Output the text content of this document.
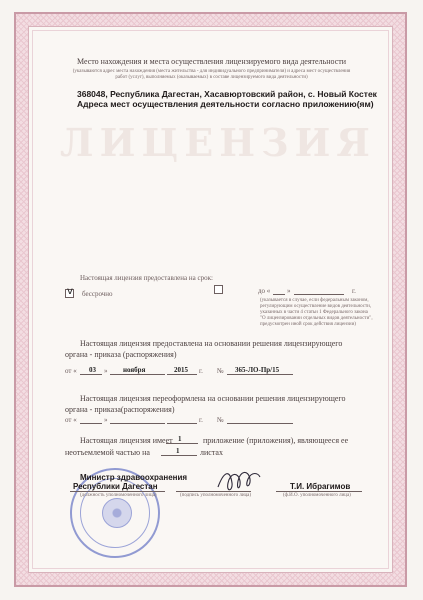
ЛИЦЕНЗИЯ
Место нахождения и места осуществления лицензируемого вида деятельности
(указываются адрес места нахождения (места жительства - для индивидуального предпринимателя) и адреса мест осуществления
работ (услуг), выполняемых (оказываемых) в составе лицензируемого вида деятельности)
368048, Республика Дагестан, Хасавюртовский район, с. Новый Костек
Адреса мест осуществления деятельности согласно приложению(ям)
Настоящая лицензия предоставлена на срок:
v бессрочно	до « »	г.
(указывается в случае, если федеральным законом,
регулирующим осуществление видов деятельности,
указанных в части 4 статьи 1 Федерального закона
"О лицензировании отдельных видов деятельности",
предусмотрен иной срок действия лицензии)
Настоящая лицензия предоставлена на основании решения лицензирующего
органа - приказа (распоряжения)
от « 03 » ноября	2015 г. № 365-ЛО-Пр/15
Настоящая лицензия переоформлена на основании решения лицензирующего
органа - приказа(распоряжения)
от «	»	г. №
Настоящая лицензия имеет 1	приложение (приложения), являющееся ее
неотъемлемой частью на	1	листах
Министр здравоохранения
Республики Дагестан
(должность уполномоченного лица)	(подпись уполномоченного лица)
Т.И. Ибрагимов
(ф.И.О. уполномоченного лица)
